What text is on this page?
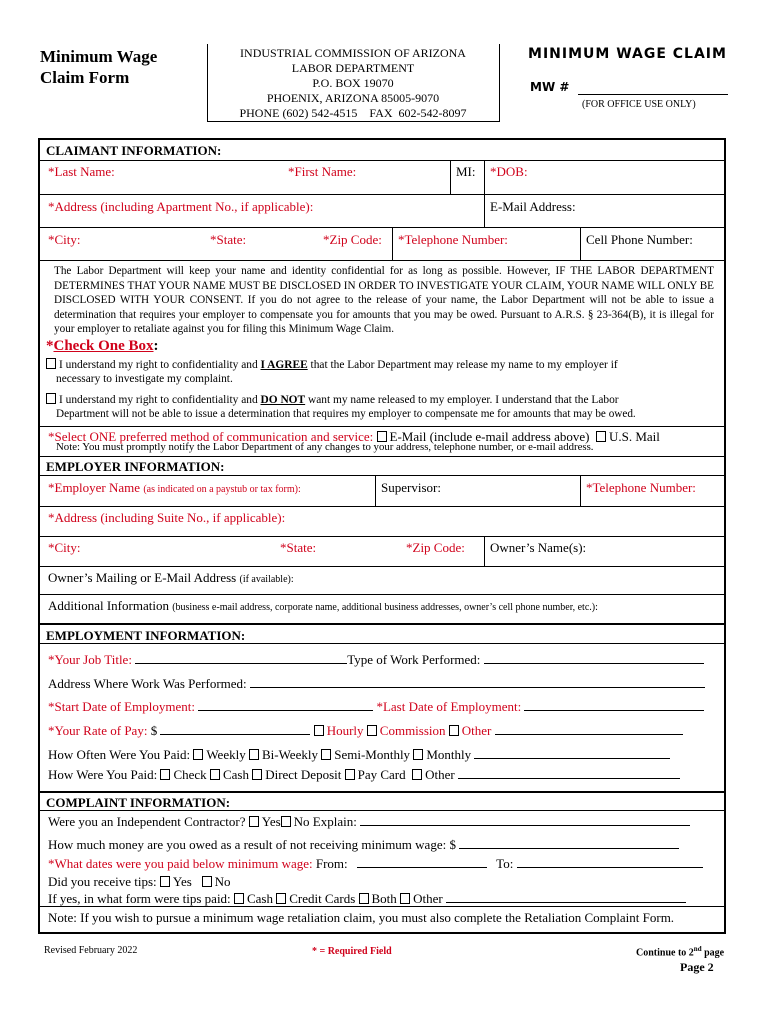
Minimum Wage
Claim Form
INDUSTRIAL COMMISSION OF ARIZONA
LABOR DEPARTMENT
P.O. BOX 19070
PHOENIX, ARIZONA 85005-9070
PHONE (602) 542-4515    FAX  602-542-8097
MINIMUM WAGE CLAIM
MW #
(FOR OFFICE USE ONLY)
CLAIMANT INFORMATION:
*Last Name:	*First Name:	MI: *DOB:
*Address (including Apartment No., if applicable):	E-Mail Address:
*City:	*State:	*Zip Code: *Telephone Number:	Cell Phone Number:
The Labor Department will keep your name and identity confidential for as long as possible. However, IF THE LABOR DEPARTMENT DETERMINES THAT YOUR NAME MUST BE DISCLOSED IN ORDER TO INVESTIGATE YOUR CLAIM, YOUR NAME WILL ONLY BE DISCLOSED WITH YOUR CONSENT. If you do not agree to the release of your name, the Labor Department will not be able to issue a determination that requires your employer to compensate you for amounts that you may be owed. Pursuant to A.R.S. § 23-364(B), it is illegal for your employer to retaliate against you for filing this Minimum Wage Claim.
*Check One Box:
I understand my right to confidentiality and I AGREE that the Labor Department may release my name to my employer if
necessary to investigate my complaint.
I understand my right to confidentiality and DO NOT want my name released to my employer. I understand that the Labor
Department will not be able to issue a determination that requires my employer to compensate me for amounts that may be owed.
*Select ONE preferred method of communication and service: E-Mail (include e-mail address above) U.S. Mail
Note: You must promptly notify the Labor Department of any changes to your address, telephone number, or e-mail address.
EMPLOYER INFORMATION:
*Employer Name (as indicated on a paystub or tax form):	Supervisor:	*Telephone Number:
*Address (including Suite No., if applicable):
*City:	*State:	*Zip Code: Owner’s Name(s):
Owner’s Mailing or E-Mail Address (if available):
Additional Information (business e-mail address, corporate name, additional business addresses, owner’s cell phone number, etc.):
EMPLOYMENT INFORMATION:
*Your Job Title:	Type of Work Performed:
Address Where Work Was Performed:
*Start Date of Employment:	*Last Date of Employment:
*Your Rate of Pay: $	Hourly Commission Other
How Often Were You Paid: Weekly Bi-Weekly Semi-Monthly Monthly
How Were You Paid: Check Cash Direct Deposit Pay Card Other
COMPLAINT INFORMATION:
Were you an Independent Contractor? Yes No Explain:
How much money are you owed as a result of not receiving minimum wage: $
*What dates were you paid below minimum wage: From:	To:
Did you receive tips: Yes No
If yes, in what form were tips paid: Cash Credit Cards Both Other
Note: If you wish to pursue a minimum wage retaliation claim, you must also complete the Retaliation Complaint Form.
Revised February 2022	* = Required Field	Continue to 2nd page
Page 2
